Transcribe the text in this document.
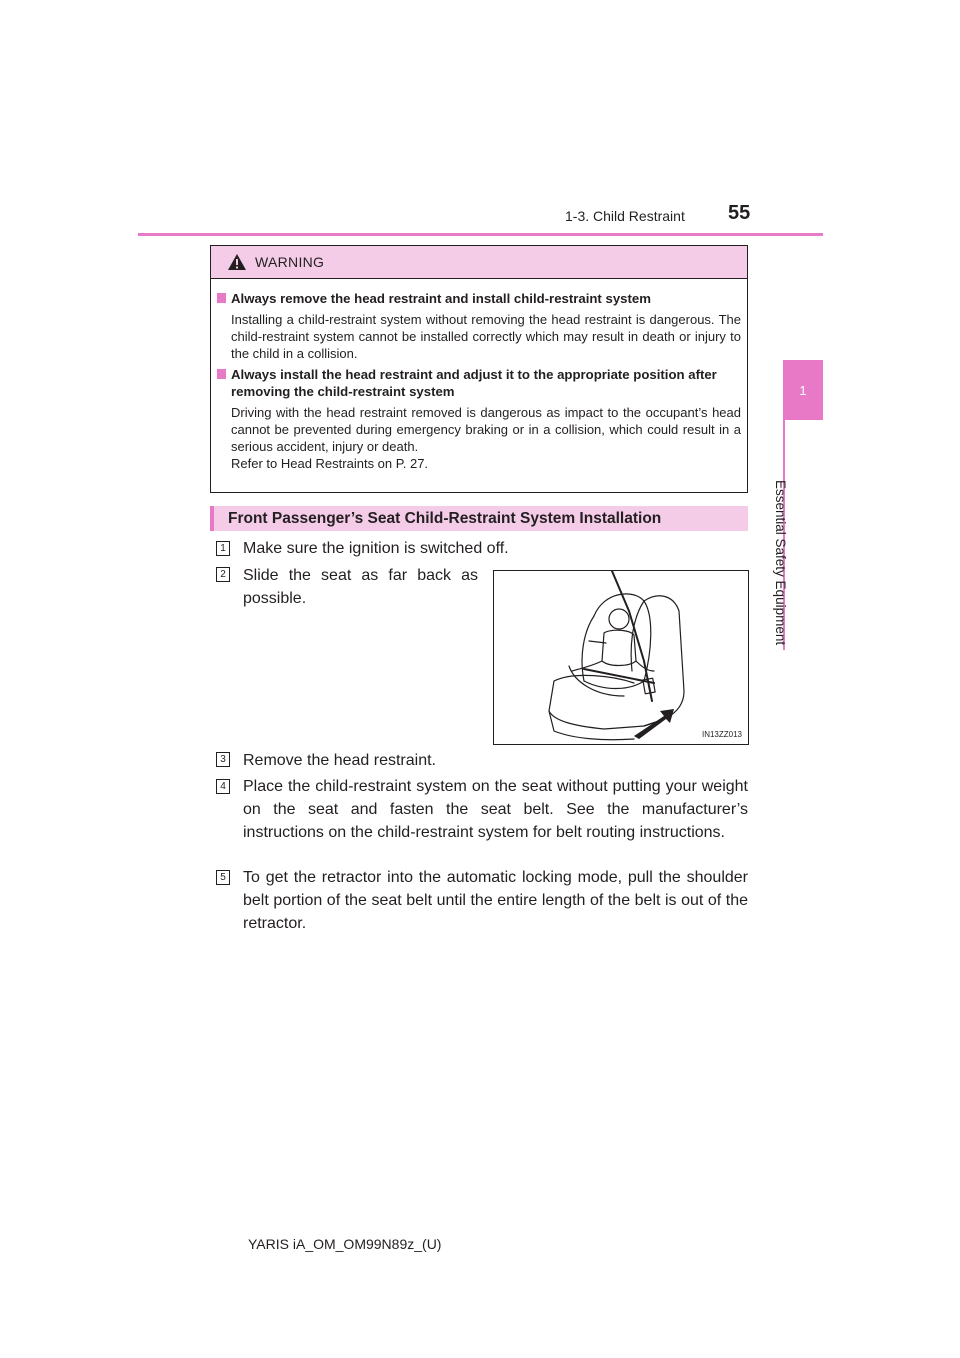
1-3. Child Restraint 55
1
Essential Safety Equipment
WARNING
Always remove the head restraint and install child-restraint system
Installing a child-restraint system without removing the head restraint is dangerous. The child-restraint system cannot be installed correctly which may result in death or injury to the child in a collision.
Always install the head restraint and adjust it to the appropriate position after removing the child-restraint system
Driving with the head restraint removed is dangerous as impact to the occupant’s head cannot be prevented during emergency braking or in a collision, which could result in a serious accident, injury or death.
Refer to Head Restraints on P. 27.
Front Passenger’s Seat Child-Restraint System Installation
1 Make sure the ignition is switched off.
2 Slide the seat as far back as possible.
IN13ZZ013
3 Remove the head restraint.
4 Place the child-restraint system on the seat without putting your weight on the seat and fasten the seat belt. See the manufacturer’s instructions on the child-restraint system for belt routing instructions.
5 To get the retractor into the automatic locking mode, pull the shoulder belt portion of the seat belt until the entire length of the belt is out of the retractor.
YARIS iA_OM_OM99N89z_(U)
